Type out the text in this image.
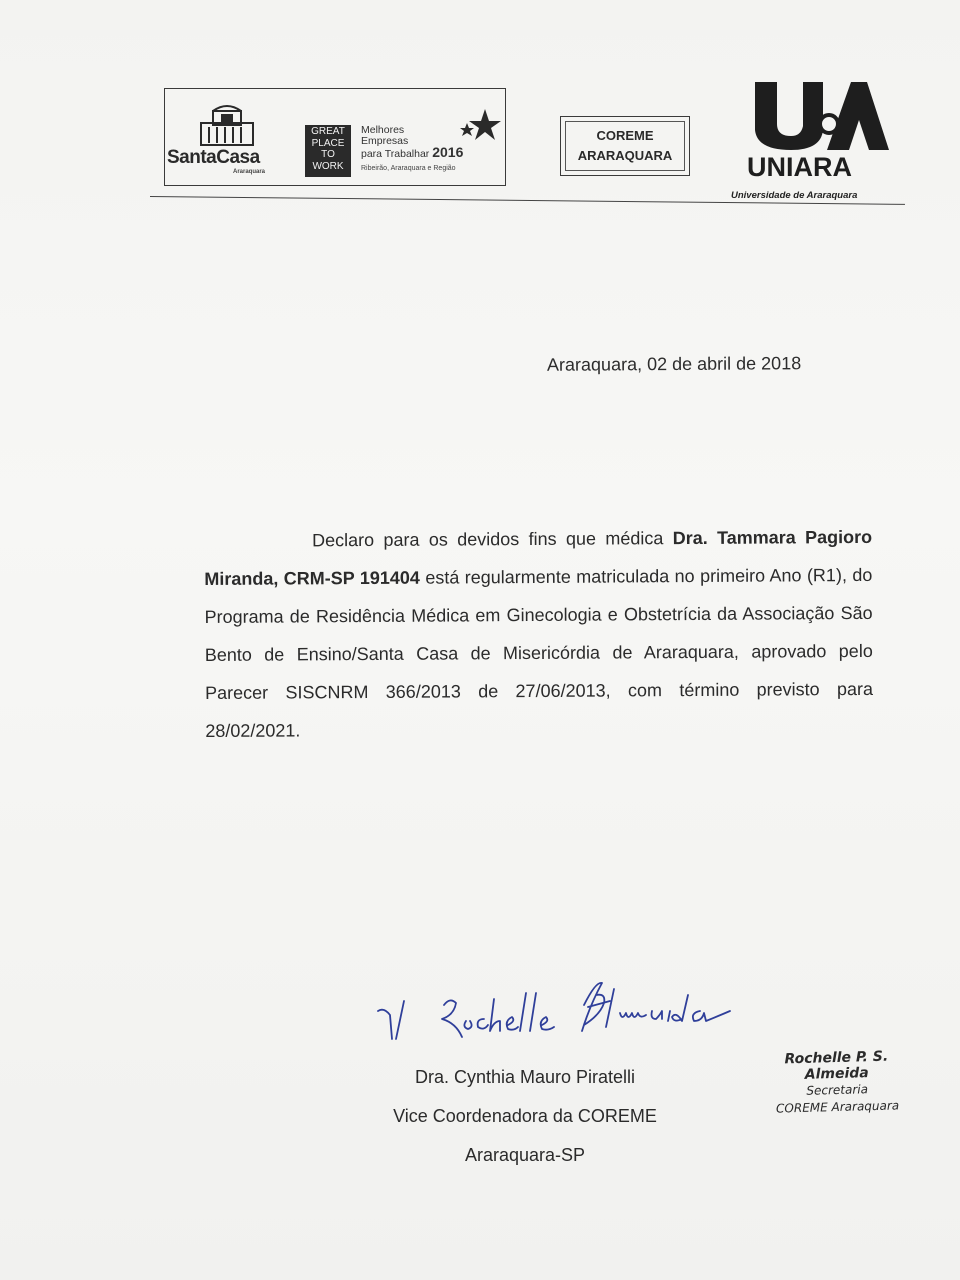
SantaCasa
Araraquara
GREAT
PLACE
TO
WORK
Melhores
Empresas
para Trabalhar 2016
Ribeirão, Araraquara e Região
COREME
ARARAQUARA	UNIARA
Universidade de Araraquara
Araraquara, 02 de abril de 2018
Declaro para os devidos fins que médica Dra. Tammara Pagioro Miranda, CRM-SP 191404 está regularmente matriculada no primeiro Ano (R1), do Programa de Residência Médica em Ginecologia e Obstetrícia da Associação São Bento de Ensino/Santa Casa de Misericórdia de Araraquara, aprovado pelo Parecer SISCNRM 366/2013 de 27/06/2013, com término previsto para 28/02/2021.
Dra. Cynthia Mauro Piratelli
Vice Coordenadora da COREME
Araraquara-SP
Rochelle P. S. Almeida
Secretaria
COREME Araraquara
